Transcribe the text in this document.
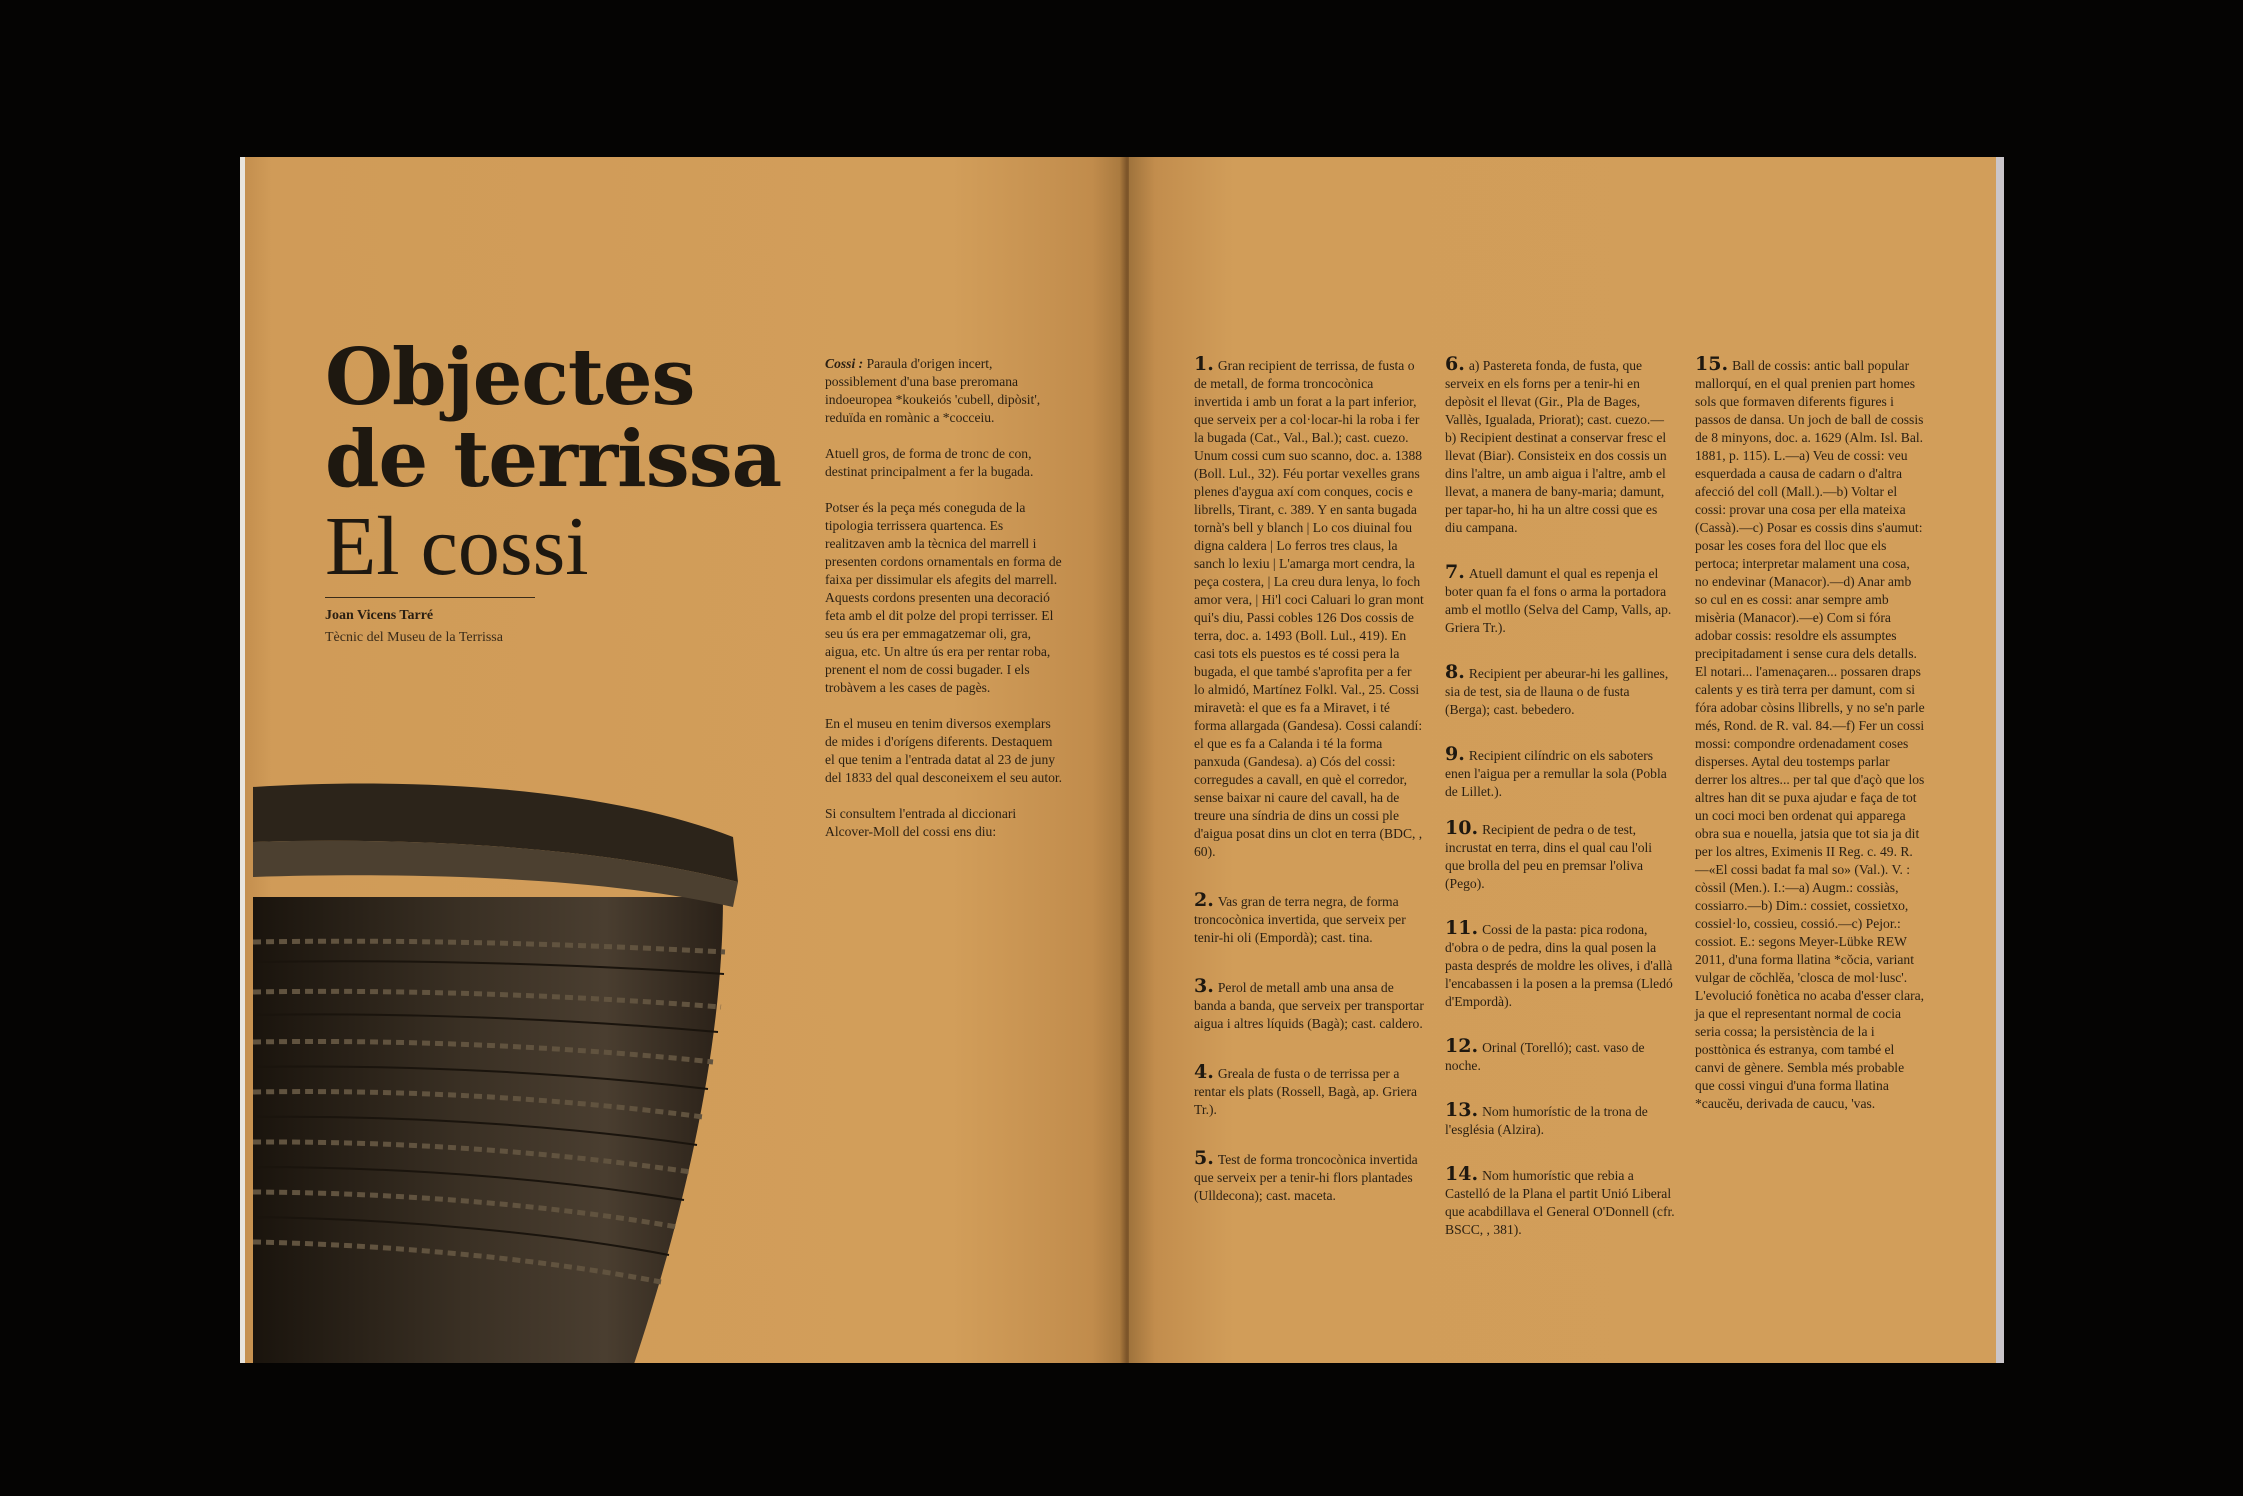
Objectes
de terrissa
El cossi
Joan Vicens Tarré
Tècnic del Museu de la Terrissa

Cossi : Paraula d'origen incert, possiblement d'una base preromana indoeuropea *koukeiós 'cubell, dipòsit', reduïda en romànic a *cocceiu.

Atuell gros, de forma de tronc de con, destinat principalment a fer la bugada.

Potser és la peça més coneguda de la tipologia terrissera quartenca. Es realitzaven amb la tècnica del marrell i presenten cordons ornamentals en forma de faixa per dissimular els afegits del marrell. Aquests cordons presenten una decoració feta amb el dit polze del propi terrisser. El seu ús era per emmagatzemar oli, gra, aigua, etc. Un altre ús era per rentar roba, prenent el nom de cossi bugader. I els trobàvem a les cases de pagès.

En el museu en tenim diversos exemplars de mides i d'orígens diferents. Destaquem el que tenim a l'entrada datat al 23 de juny del 1833 del qual desconeixem el seu autor.

Si consultem l'entrada al diccionari Alcover-Moll del cossi ens diu:

1. Gran recipient de terrissa, de fusta o de metall, de forma troncocònica invertida i amb un forat a la part inferior, que serveix per a col·locar-hi la roba i fer la bugada (Cat., Val., Bal.); cast. cuezo. Unum cossi cum suo scanno, doc. a. 1388 (Boll. Lul., 32). Féu portar vexelles grans plenes d'aygua axí com conques, cocis e librells, Tirant, c. 389. Y en santa bugada tornà's bell y blanch | Lo cos diuinal fou digna caldera | Lo ferros tres claus, la sanch lo lexiu | L'amarga mort cendra, la peça costera, | La creu dura lenya, lo foch amor vera, | Hi'l coci Caluari lo gran mont qui's diu, Passi cobles 126 Dos cossis de terra, doc. a. 1493 (Boll. Lul., 419). En casi tots els puestos es té cossi pera la bugada, el que també s'aprofita per a fer lo almidó, Martínez Folkl. Val., 25. Cossi miravetà: el que es fa a Miravet, i té forma allargada (Gandesa). Cossi calandí: el que es fa a Calanda i té la forma panxuda (Gandesa). a) Cós del cossi: corregudes a cavall, en què el corredor, sense baixar ni caure del cavall, ha de treure una síndria de dins un cossi ple d'aigua posat dins un clot en terra (BDC, , 60).

2. Vas gran de terra negra, de forma troncocònica invertida, que serveix per tenir-hi oli (Empordà); cast. tina.

3. Perol de metall amb una ansa de banda a banda, que serveix per transportar aigua i altres líquids (Bagà); cast. caldero.

4. Greala de fusta o de terrissa per a rentar els plats (Rossell, Bagà, ap. Griera Tr.).

5. Test de forma troncocònica invertida que serveix per a tenir-hi flors plantades (Ulldecona); cast. maceta.

6. a) Pastereta fonda, de fusta, que serveix en els forns per a tenir-hi en depòsit el llevat (Gir., Pla de Bages, Vallès, Igualada, Priorat); cast. cuezo.—b) Recipient destinat a conservar fresc el llevat (Biar). Consisteix en dos cossis un dins l'altre, un amb aigua i l'altre, amb el llevat, a manera de bany-maria; damunt, per tapar-ho, hi ha un altre cossi que es diu campana.

7. Atuell damunt el qual es repenja el boter quan fa el fons o arma la portadora amb el motllo (Selva del Camp, Valls, ap. Griera Tr.).

8. Recipient per abeurar-hi les gallines, sia de test, sia de llauna o de fusta (Berga); cast. bebedero.

9. Recipient cilíndric on els saboters enen l'aigua per a remullar la sola (Pobla de Lillet.).

10. Recipient de pedra o de test, incrustat en terra, dins el qual cau l'oli que brolla del peu en premsar l'oliva (Pego).

11. Cossi de la pasta: pica rodona, d'obra o de pedra, dins la qual posen la pasta després de moldre les olives, i d'allà l'encabassen i la posen a la premsa (Lledó d'Empordà).

12. Orinal (Torelló); cast. vaso de noche.

13. Nom humorístic de la trona de l'església (Alzira).

14. Nom humorístic que rebia a Castelló de la Plana el partit Unió Liberal que acabdillava el General O'Donnell (cfr. BSCC, , 381).

15. Ball de cossis: antic ball popular mallorquí, en el qual prenien part homes sols que formaven diferents figures i passos de dansa. Un joch de ball de cossis de 8 minyons, doc. a. 1629 (Alm. Isl. Bal. 1881, p. 115). L.—a) Veu de cossi: veu esquerdada a causa de cadarn o d'altra afecció del coll (Mall.).—b) Voltar el cossi: provar una cosa per ella mateixa (Cassà).—c) Posar es cossis dins s'aumut: posar les coses fora del lloc que els pertoca; interpretar malament una cosa, no endevinar (Manacor).—d) Anar amb so cul en es cossi: anar sempre amb misèria (Manacor).—e) Com si fóra adobar cossis: resoldre els assumptes precipitadament i sense cura dels detalls. El notari... l'amenaçaren... possaren draps calents y es tirà terra per damunt, com si fóra adobar còsins llibrells, y no se'n parle més, Rond. de R. val. 84.—f) Fer un cossi mossi: compondre ordenadament coses disperses. Aytal deu tostemps parlar derrer los altres... per tal que d'açò que los altres han dit se puxa ajudar e faça de tot un coci moci ben ordenat qui apparega obra sua e nouella, jatsia que tot sia ja dit per los altres, Eximenis II Reg. c. 49. R. —«El cossi badat fa mal so» (Val.). V. : còssil (Men.). I.:—a) Augm.: cossiàs, cossiarro.—b) Dim.: cossiet, cossietxo, cossiel·lo, cossieu, cossió.—c) Pejor.: cossiot. E.: segons Meyer-Lübke REW 2011, d'una forma llatina *cŏcia, variant vulgar de cŏchlĕa, 'closca de mol·lusc'. L'evolució fonètica no acaba d'esser clara, ja que el representant normal de cocia seria cossa; la persistència de la i posttònica és estranya, com també el canvi de gènere. Sembla més probable que cossi vingui d'una forma llatina *caucĕu, derivada de caucu, 'vas.
